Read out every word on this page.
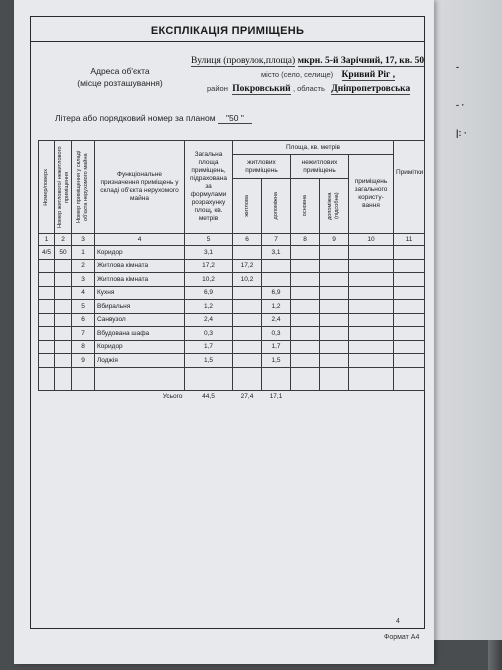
-
- ·
|: ·
ЕКСПЛІКАЦІЯ ПРИМІЩЕНЬ
Адреса об'єкта
(місце розташування)
Вулиця (провулок,площа) мкрн. 5-й Зарічний, 17, кв. 50
місто (село, селище) Кривий Ріг ,
район Покровський , область Дніпропетровська
Літера або порядковий номер за планом "50 "
Номер/поверх	Номер житлового/ нежитлового приміщення	Номер приміщення у складі об'єкта нерухомого майна	Функціональне призначення приміщень у складі об'єкта нерухомого майна	Загальна площа приміщень, підрахована за формулами розрахунку площ, кв. метрів	Площа, кв. метрів					Примітки
					житлових приміщень		нежитлових приміщень		приміщень загального користу-вання	

					житлова	допоміжна	основна	допоміжна (підсобна)		

1	2	3	4	5	6	7	8	9	10	11
4/5	50	1	Коридор	3,1		3,1				
		2	Житлова кімната	17,2	17,2					
		3	Житлова кімната	10,2	10,2					
		4	Кухня	6,9		6,9				
		5	Вбиральня	1,2		1,2				
		6	Санвузол	2,4		2,4				
		7	Вбудована шафа	0,3		0,3				
		8	Коридор	1,7		1,7				
		9	Лоджія	1,5		1,5				

Усього				44,5	27,4	17,1				
4
Формат А4
